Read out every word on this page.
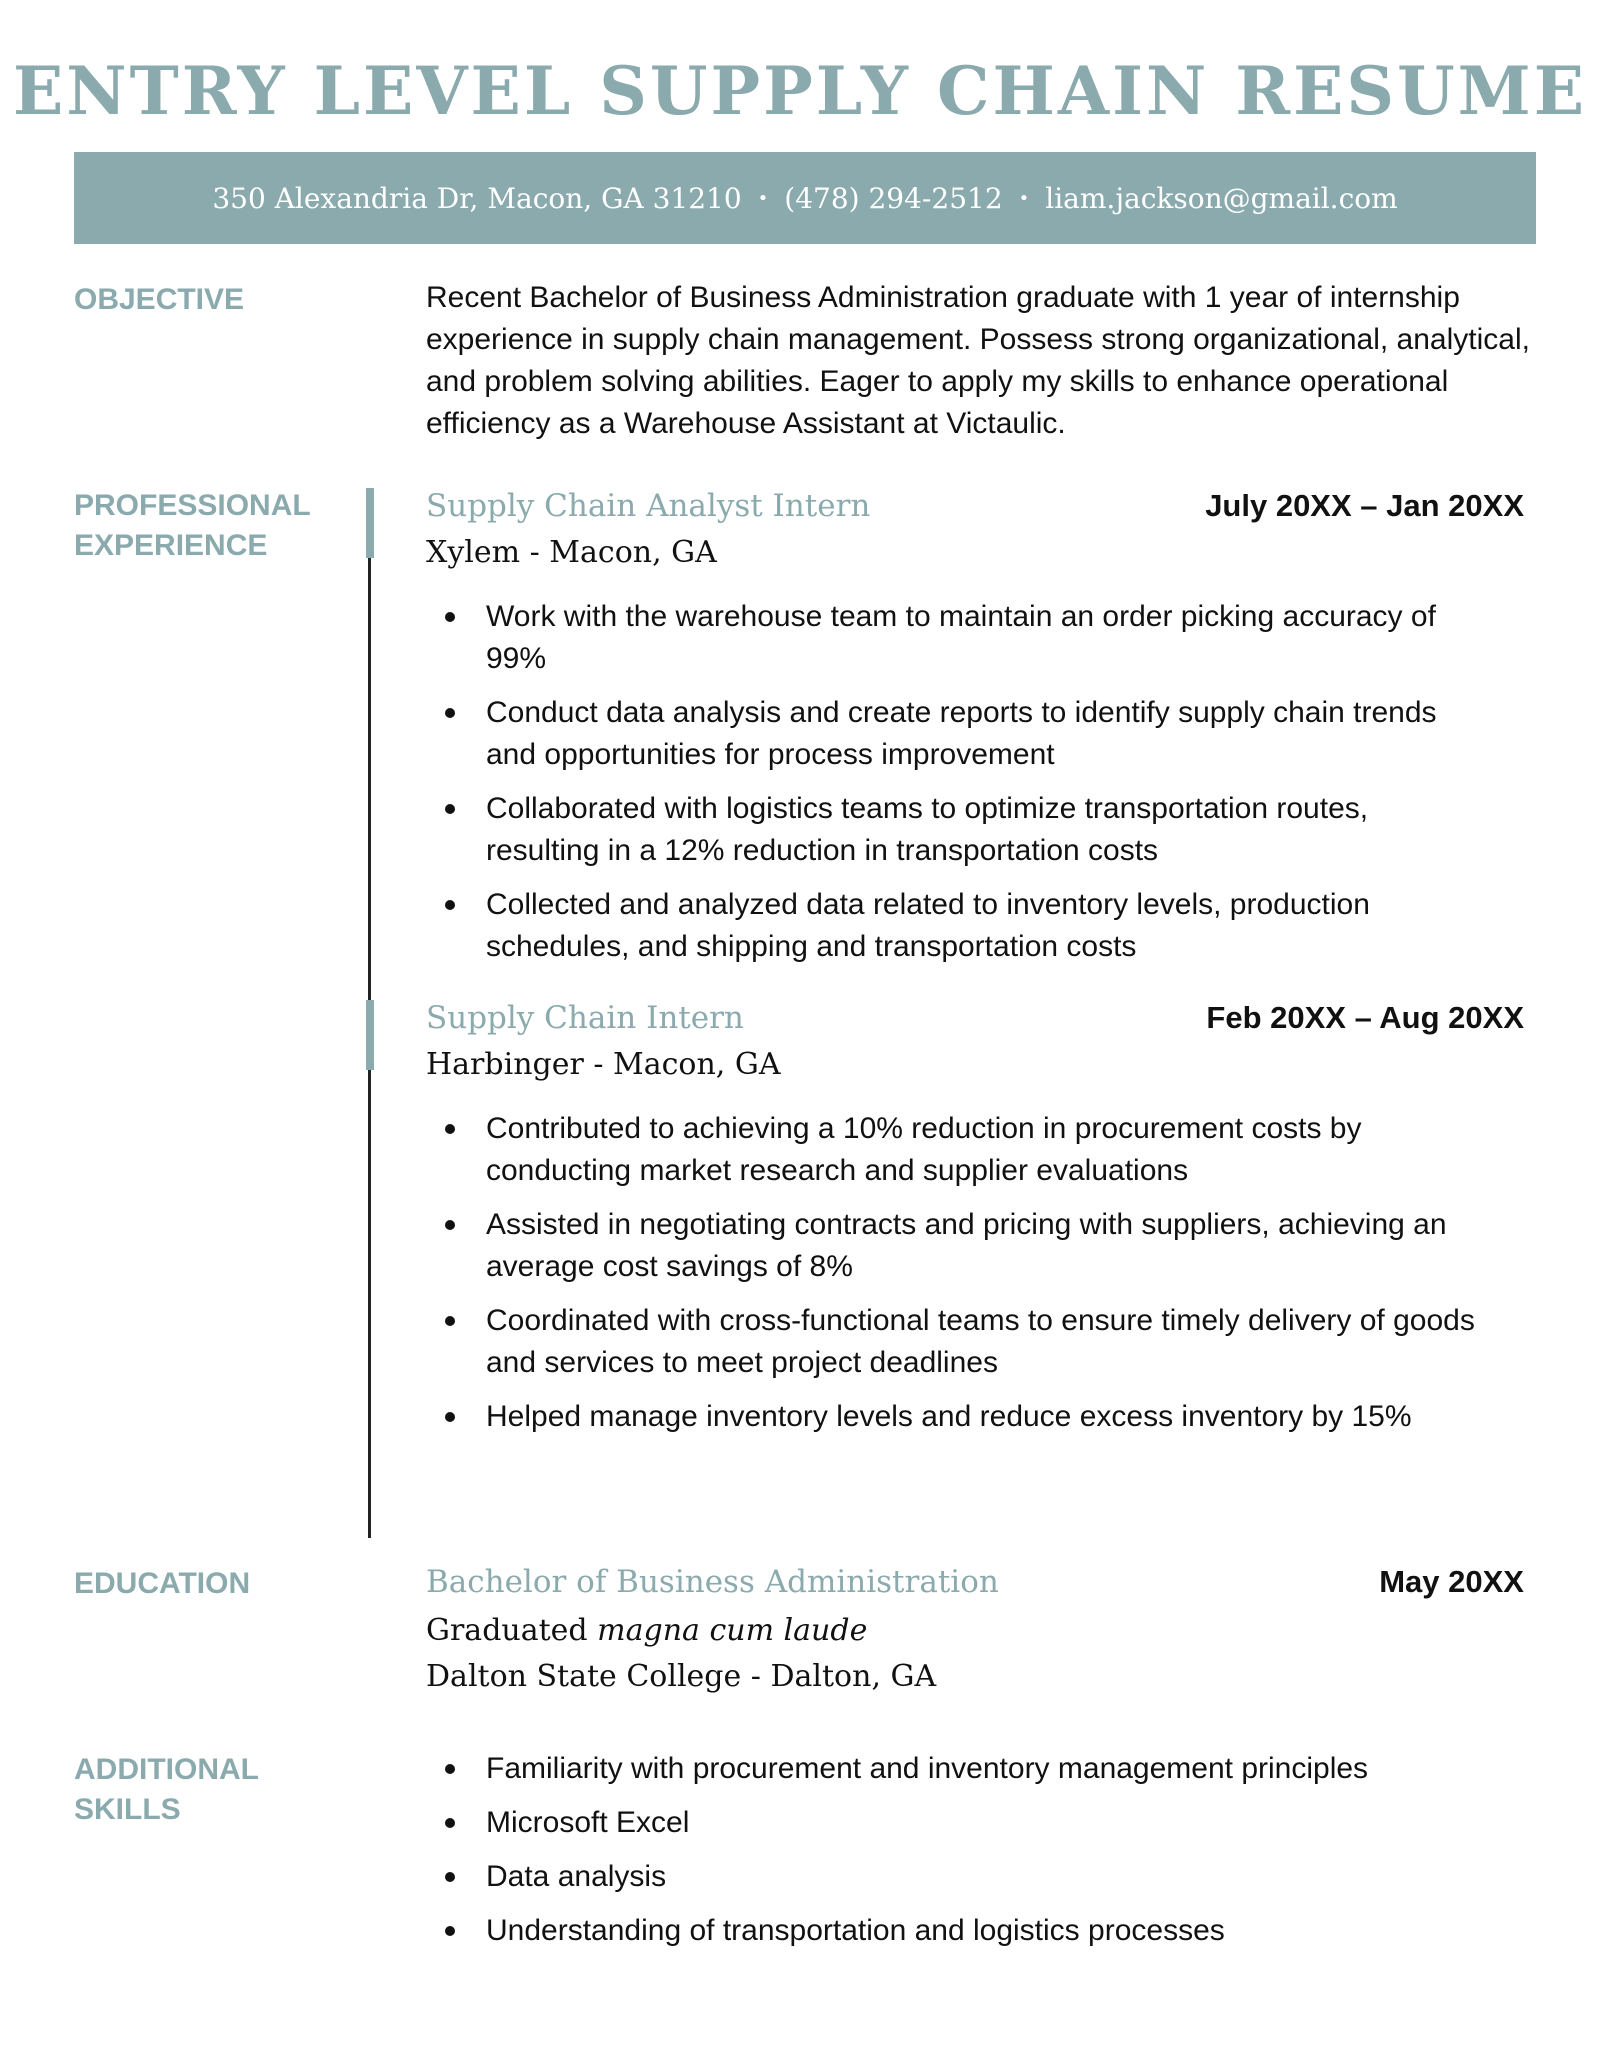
ENTRY LEVEL SUPPLY CHAIN RESUME
350 Alexandria Dr, Macon, GA 31210 • (478) 294-2512 • liam.jackson@gmail.com
OBJECTIVE	Recent Bachelor of Business Administration graduate with 1 year of internship experience in supply chain management. Possess strong organizational, analytical, and problem solving abilities. Eager to apply my skills to enhance operational efficiency as a Warehouse Assistant at Victaulic.
PROFESSIONAL
EXPERIENCE
Supply Chain Analyst Intern	July 20XX – Jan 20XX
Xylem - Macon, GA
Work with the warehouse team to maintain an order picking accuracy of 99%
Conduct data analysis and create reports to identify supply chain trends and opportunities for process improvement
Collaborated with logistics teams to optimize transportation routes, resulting in a 12% reduction in transportation costs
Collected and analyzed data related to inventory levels, production schedules, and shipping and transportation costs
Supply Chain Intern	Feb 20XX – Aug 20XX
Harbinger - Macon, GA
Contributed to achieving a 10% reduction in procurement costs by conducting market research and supplier evaluations
Assisted in negotiating contracts and pricing with suppliers, achieving an average cost savings of 8%
Coordinated with cross-functional teams to ensure timely delivery of goods and services to meet project deadlines
Helped manage inventory levels and reduce excess inventory by 15%
EDUCATION	Bachelor of Business Administration	May 20XX
Graduated magna cum laude
Dalton State College - Dalton, GA
ADDITIONAL
SKILLS
Familiarity with procurement and inventory management principles
Microsoft Excel
Data analysis
Understanding of transportation and logistics processes
